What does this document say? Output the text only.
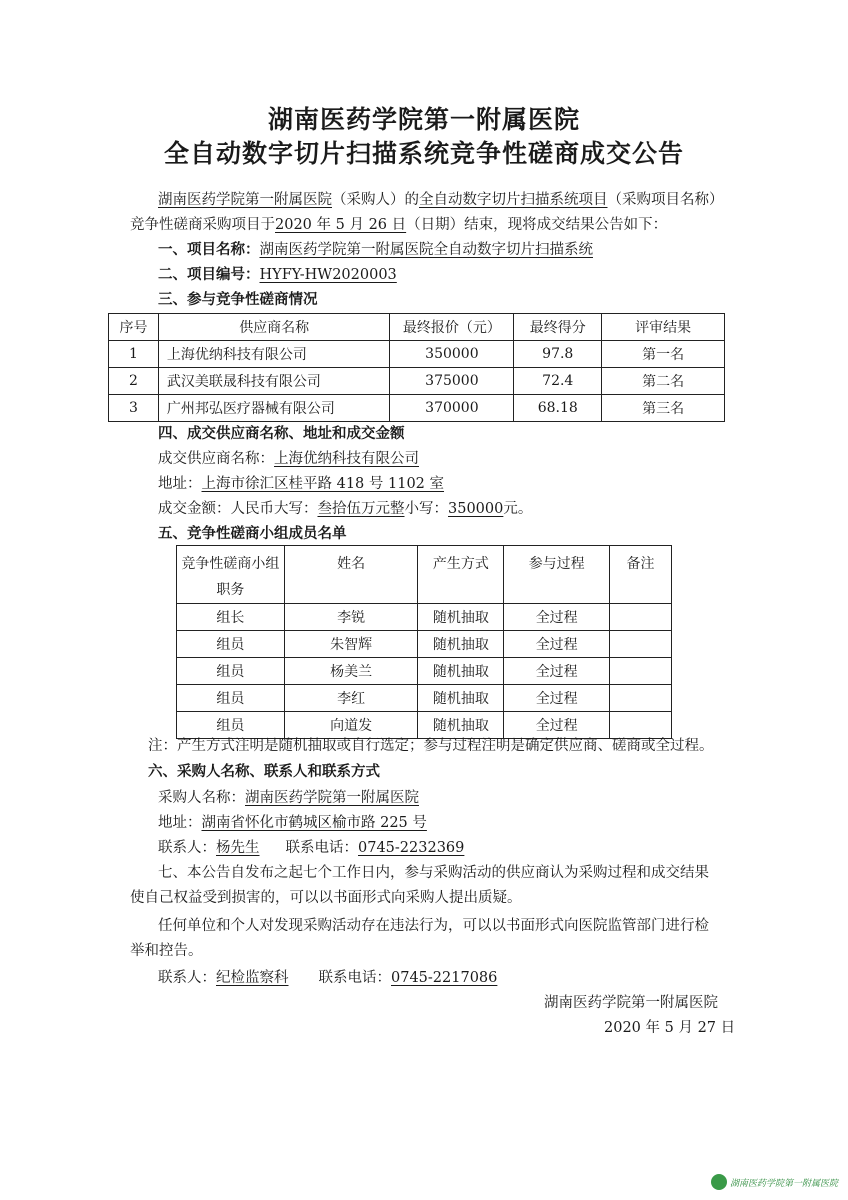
湖南医药学院第一附属医院
全自动数字切片扫描系统竞争性磋商成交公告
湖南医药学院第一附属医院（采购人）的全自动数字切片扫描系统项目（采购项目名称）
竞争性磋商采购项目于2020 年 5 月 26 日（日期）结束，现将成交结果公告如下：
一、项目名称：湖南医药学院第一附属医院全自动数字切片扫描系统
二、项目编号：HYFY-HW2020003
三、参与竞争性磋商情况
序号	供应商名称	最终报价（元）	最终得分	评审结果
1	上海优纳科技有限公司	350000	97.8	第一名
2	武汉美联晟科技有限公司	375000	72.4	第二名
3	广州邦弘医疗器械有限公司	370000	68.18	第三名
四、成交供应商名称、地址和成交金额
成交供应商名称：上海优纳科技有限公司
地址：上海市徐汇区桂平路 418 号 1102 室
成交金额：人民币大写：叁拾伍万元整小写：350000元。
五、竞争性磋商小组成员名单
竞争性磋商小组职务	姓名	产生方式	参与过程	备注
组长	李锐	随机抽取	全过程	
组员	朱智辉	随机抽取	全过程	
组员	杨美兰	随机抽取	全过程	
组员	李红	随机抽取	全过程	
组员	向道发	随机抽取	全过程	
注：产生方式注明是随机抽取或自行选定；参与过程注明是确定供应商、磋商或全过程。
六、采购人名称、联系人和联系方式
采购人名称：湖南医药学院第一附属医院
地址：湖南省怀化市鹤城区榆市路 225 号
联系人：杨先生 联系电话：0745-2232369
七、本公告自发布之起七个工作日内，参与采购活动的供应商认为采购过程和成交结果
使自己权益受到损害的，可以以书面形式向采购人提出质疑。
任何单位和个人对发现采购活动存在违法行为，可以以书面形式向医院监管部门进行检
举和控告。
联系人：纪检监察科 联系电话：0745-2217086
湖南医药学院第一附属医院
2020 年 5 月 27 日
湖南医药学院第一附属医院
